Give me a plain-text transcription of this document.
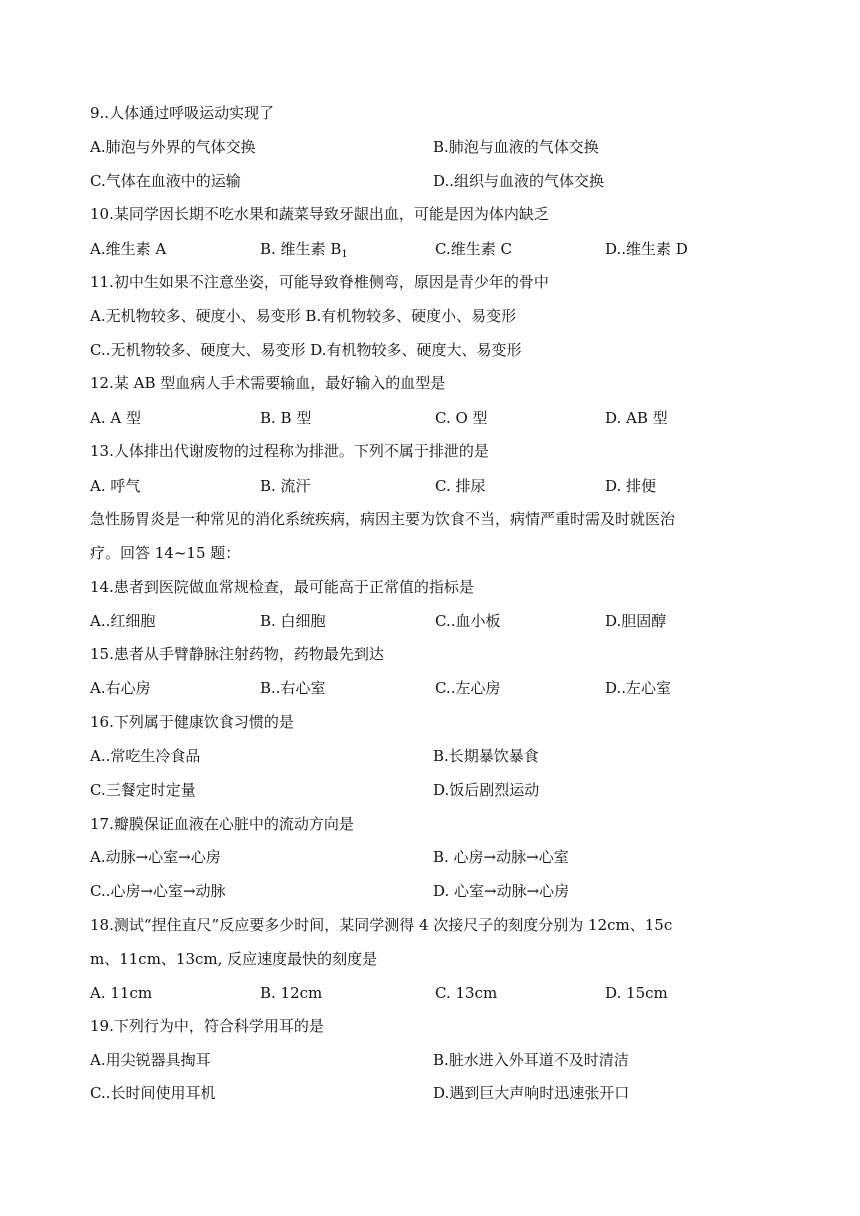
9..人体通过呼吸运动实现了
A.肺泡与外界的气体交换	B.肺泡与血液的气体交换
C.气体在血液中的运输	D..组织与血液的气体交换
10.某同学因长期不吃水果和蔬菜导致牙龈出血，可能是因为体内缺乏
A.维生素 A	B. 维生素 $B_1$	C.维生素 C	D..维生素 D
11.初中生如果不注意坐姿，可能导致脊椎侧弯，原因是青少年的骨中
A.无机物较多、硬度小、易变形 B.有机物较多、硬度小、易变形
C..无机物较多、硬度大、易变形 D.有机物较多、硬度大、易变形
12.某 AB 型血病人手术需要输血，最好输入的血型是
A. A 型	B. B 型	C. O 型	D. AB 型
13.人体排出代谢废物的过程称为排泄。下列不属于排泄的是
A. 呼气	B. 流汗	C. 排尿	D. 排便
急性肠胃炎是一种常见的消化系统疾病，病因主要为饮食不当，病情严重时需及时就医治
疗。回答 14~15 题：
14.患者到医院做血常规检查，最可能高于正常值的指标是
A..红细胞	B. 白细胞	C..血小板	D.胆固醇
15.患者从手臂静脉注射药物，药物最先到达
A.右心房	B..右心室	C..左心房	D..左心室
16.下列属于健康饮食习惯的是
A..常吃生冷食品	B.长期暴饮暴食
C.三餐定时定量	D.饭后剧烈运动
17.瓣膜保证血液在心脏中的流动方向是
A.动脉→心室→心房	B. 心房→动脉→心室
C..心房→心室→动脉	D. 心室→动脉→心房
18.测试“捏住直尺”反应要多少时间，某同学测得 4 次接尺子的刻度分别为 12cm、15c
m、11cm、13cm, 反应速度最快的刻度是
A. 11cm	B. 12cm	C. 13cm	D. 15cm
19.下列行为中，符合科学用耳的是
A.用尖锐器具掏耳	B.脏水进入外耳道不及时清洁
C..长时间使用耳机	D.遇到巨大声响时迅速张开口
